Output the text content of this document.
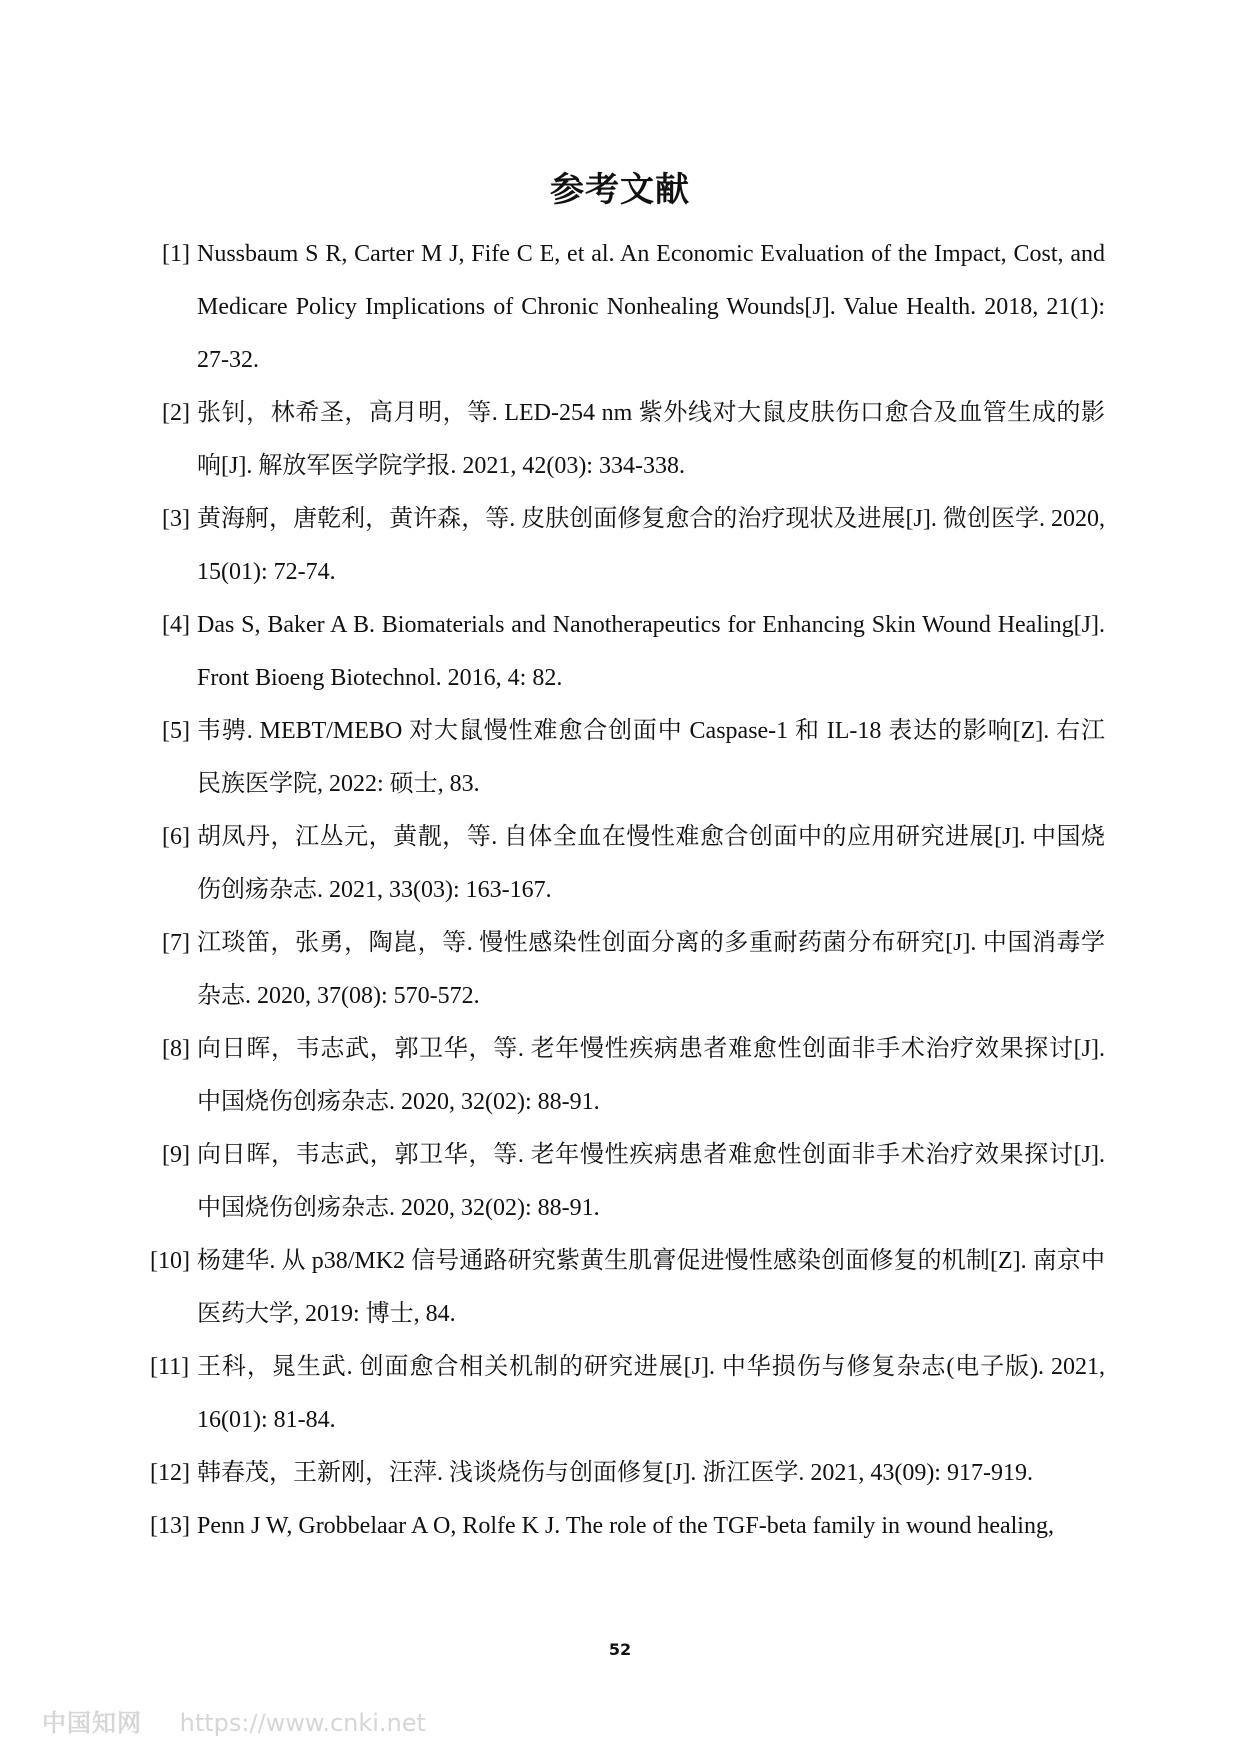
参考文献
[1] Nussbaum S R, Carter M J, Fife C E, et al. An Economic Evaluation of the Impact, Cost, and Medicare Policy Implications of Chronic Nonhealing Wounds[J]. Value Health. 2018, 21(1): 27-32.
[2] 张钊，林希圣，高月明，等. LED-254 nm 紫外线对大鼠皮肤伤口愈合及血管生成的影响[J]. 解放军医学院学报. 2021, 42(03): 334-338.
[3] 黄海舸，唐乾利，黄许森，等. 皮肤创面修复愈合的治疗现状及进展[J]. 微创医学. 2020, 15(01): 72-74.
[4] Das S, Baker A B. Biomaterials and Nanotherapeutics for Enhancing Skin Wound Healing[J]. Front Bioeng Biotechnol. 2016, 4: 82.
[5] 韦骋. MEBT/MEBO 对大鼠慢性难愈合创面中 Caspase-1 和 IL-18 表达的影响[Z]. 右江民族医学院, 2022: 硕士, 83.
[6] 胡凤丹，江丛元，黄靓，等. 自体全血在慢性难愈合创面中的应用研究进展[J]. 中国烧伤创疡杂志. 2021, 33(03): 163-167.
[7] 江琰笛，张勇，陶崑，等. 慢性感染性创面分离的多重耐药菌分布研究[J]. 中国消毒学杂志. 2020, 37(08): 570-572.
[8] 向日晖，韦志武，郭卫华，等. 老年慢性疾病患者难愈性创面非手术治疗效果探讨[J]. 中国烧伤创疡杂志. 2020, 32(02): 88-91.
[9] 向日晖，韦志武，郭卫华，等. 老年慢性疾病患者难愈性创面非手术治疗效果探讨[J]. 中国烧伤创疡杂志. 2020, 32(02): 88-91.
[10] 杨建华. 从 p38/MK2 信号通路研究紫黄生肌膏促进慢性感染创面修复的机制[Z]. 南京中医药大学, 2019: 博士, 84.
[11] 王科，晁生武. 创面愈合相关机制的研究进展[J]. 中华损伤与修复杂志(电子版). 2021, 16(01): 81-84.
[12] 韩春茂，王新刚，汪萍. 浅谈烧伤与创面修复[J]. 浙江医学. 2021, 43(09): 917-919.
[13] Penn J W, Grobbelaar A O, Rolfe K J. The role of the TGF-beta family in wound healing,
52
中国知网 https://www.cnki.net
